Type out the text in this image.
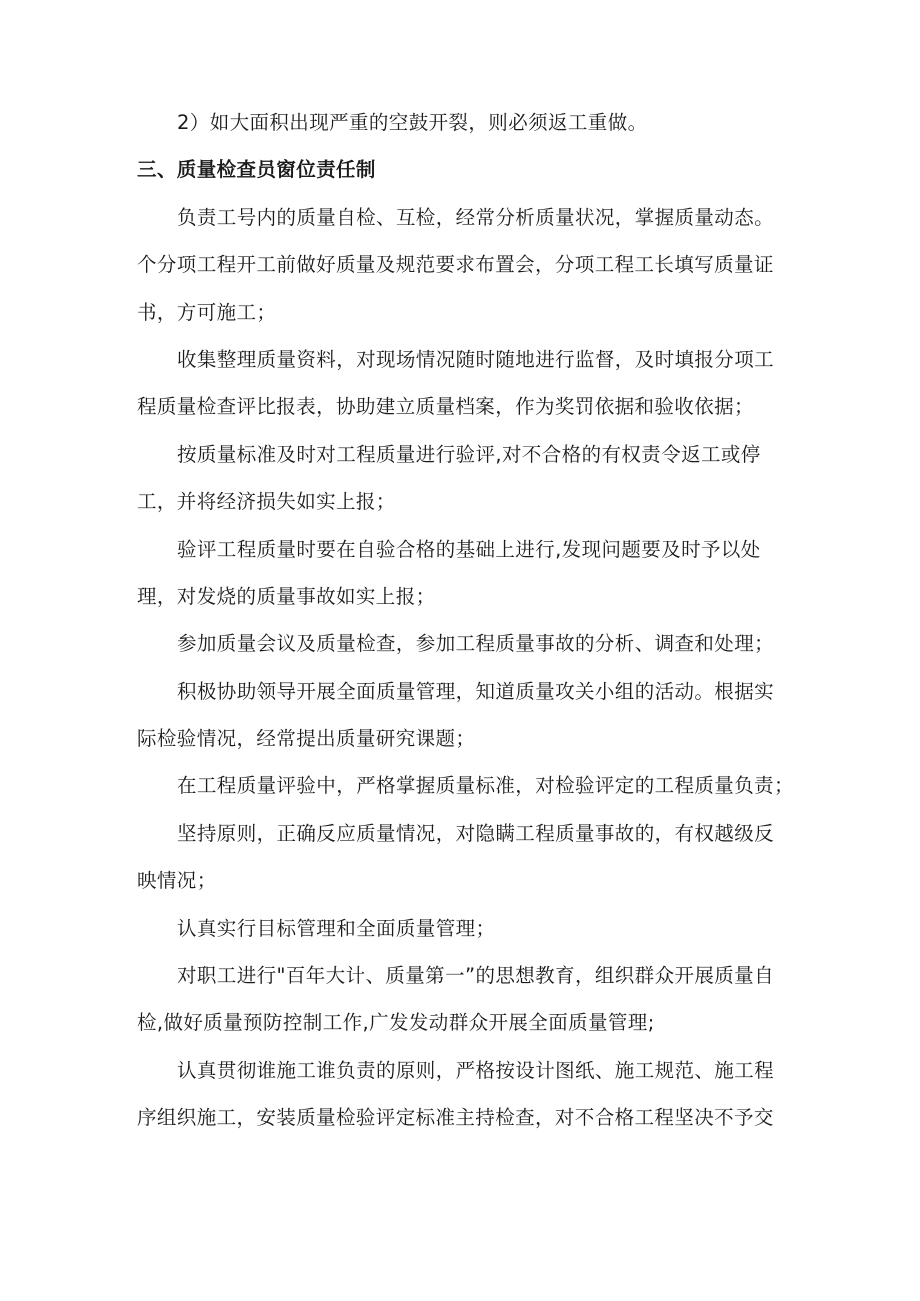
2）如大面积出现严重的空鼓开裂，则必须返工重做。
三、质量检查员窗位责任制
负责工号内的质量自检、互检，经常分析质量状况，掌握质量动态。
个分项工程开工前做好质量及规范要求布置会，分项工程工长填写质量证
书，方可施工；
收集整理质量资料，对现场情况随时随地进行监督，及时填报分项工
程质量检查评比报表，协助建立质量档案，作为奖罚依据和验收依据；
按质量标准及时对工程质量进行验评,对不合格的有权责令返工或停
工，并将经济损失如实上报；
验评工程质量时要在自验合格的基础上进行,发现问题要及时予以处
理，对发烧的质量事故如实上报；
参加质量会议及质量检查，参加工程质量事故的分析、调查和处理；
积极协助领导开展全面质量管理，知道质量攻关小组的活动。根据实
际检验情况，经常提出质量研究课题；
在工程质量评验中，严格掌握质量标准，对检验评定的工程质量负责；
坚持原则，正确反应质量情况，对隐瞒工程质量事故的，有权越级反
映情况；
认真实行目标管理和全面质量管理；
对职工进行"百年大计、质量第一”的思想教育，组织群众开展质量自
检,做好质量预防控制工作,广发发动群众开展全面质量管理;
认真贯彻谁施工谁负责的原则，严格按设计图纸、施工规范、施工程
序组织施工，安装质量检验评定标准主持检查，对不合格工程坚决不予交
